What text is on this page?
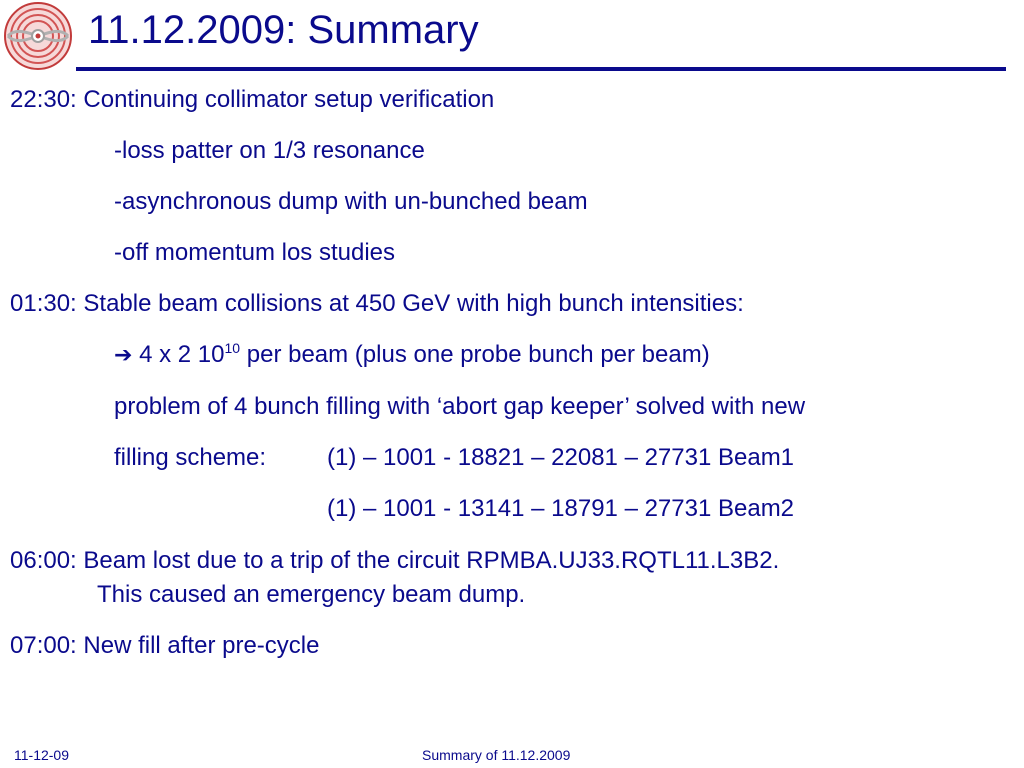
11.12.2009: Summary
22:30: Continuing collimator setup verification
-loss patter on 1/3 resonance
-asynchronous dump with un-bunched beam
-off momentum los studies
01:30: Stable beam collisions at 450 GeV with high bunch intensities:
➔ 4 x 2 $10^{10}$ per beam (plus one probe bunch per beam)
problem of 4 bunch filling with ‘abort gap keeper’ solved with new
filling scheme:	(1) – 1001 - 18821 – 22081 – 27731 Beam1
(1) – 1001 - 13141 – 18791 – 27731 Beam2
06:00: Beam lost due to a trip of the circuit RPMBA.UJ33.RQTL11.L3B2.
This caused an emergency beam dump.
07:00: New fill after pre-cycle
11-12-09	Summary of 11.12.2009
